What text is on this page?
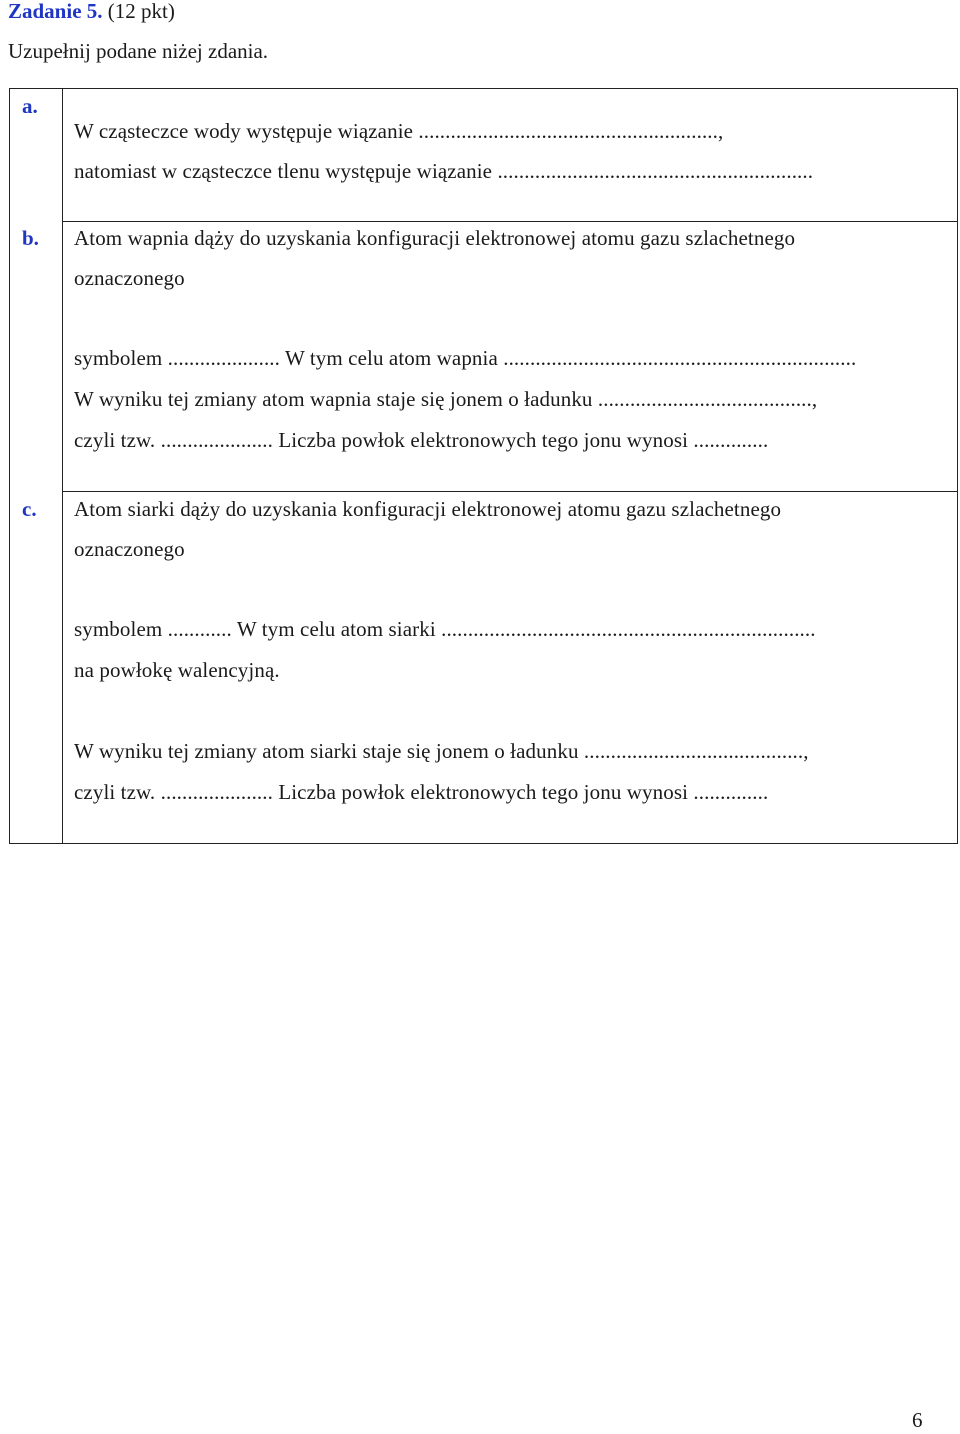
Zadanie 5. (12 pkt)
Uzupełnij podane niżej zdania.
a.
W cząsteczce wody występuje wiązanie ........................................................,
natomiast w cząsteczce tlenu występuje wiązanie ...........................................................
b. Atom wapnia dąży do uzyskania konfiguracji elektronowej atomu gazu szlachetnego
oznaczonego
symbolem ..................... W tym celu atom wapnia ..................................................................
W wyniku tej zmiany atom wapnia staje się jonem o ładunku ........................................,
czyli tzw. ..................... Liczba powłok elektronowych tego jonu wynosi ..............
c. Atom siarki dąży do uzyskania konfiguracji elektronowej atomu gazu szlachetnego
oznaczonego
symbolem ............ W tym celu atom siarki ......................................................................
na powłokę walencyjną.
W wyniku tej zmiany atom siarki staje się jonem o ładunku .........................................,
czyli tzw. ..................... Liczba powłok elektronowych tego jonu wynosi ..............
6
